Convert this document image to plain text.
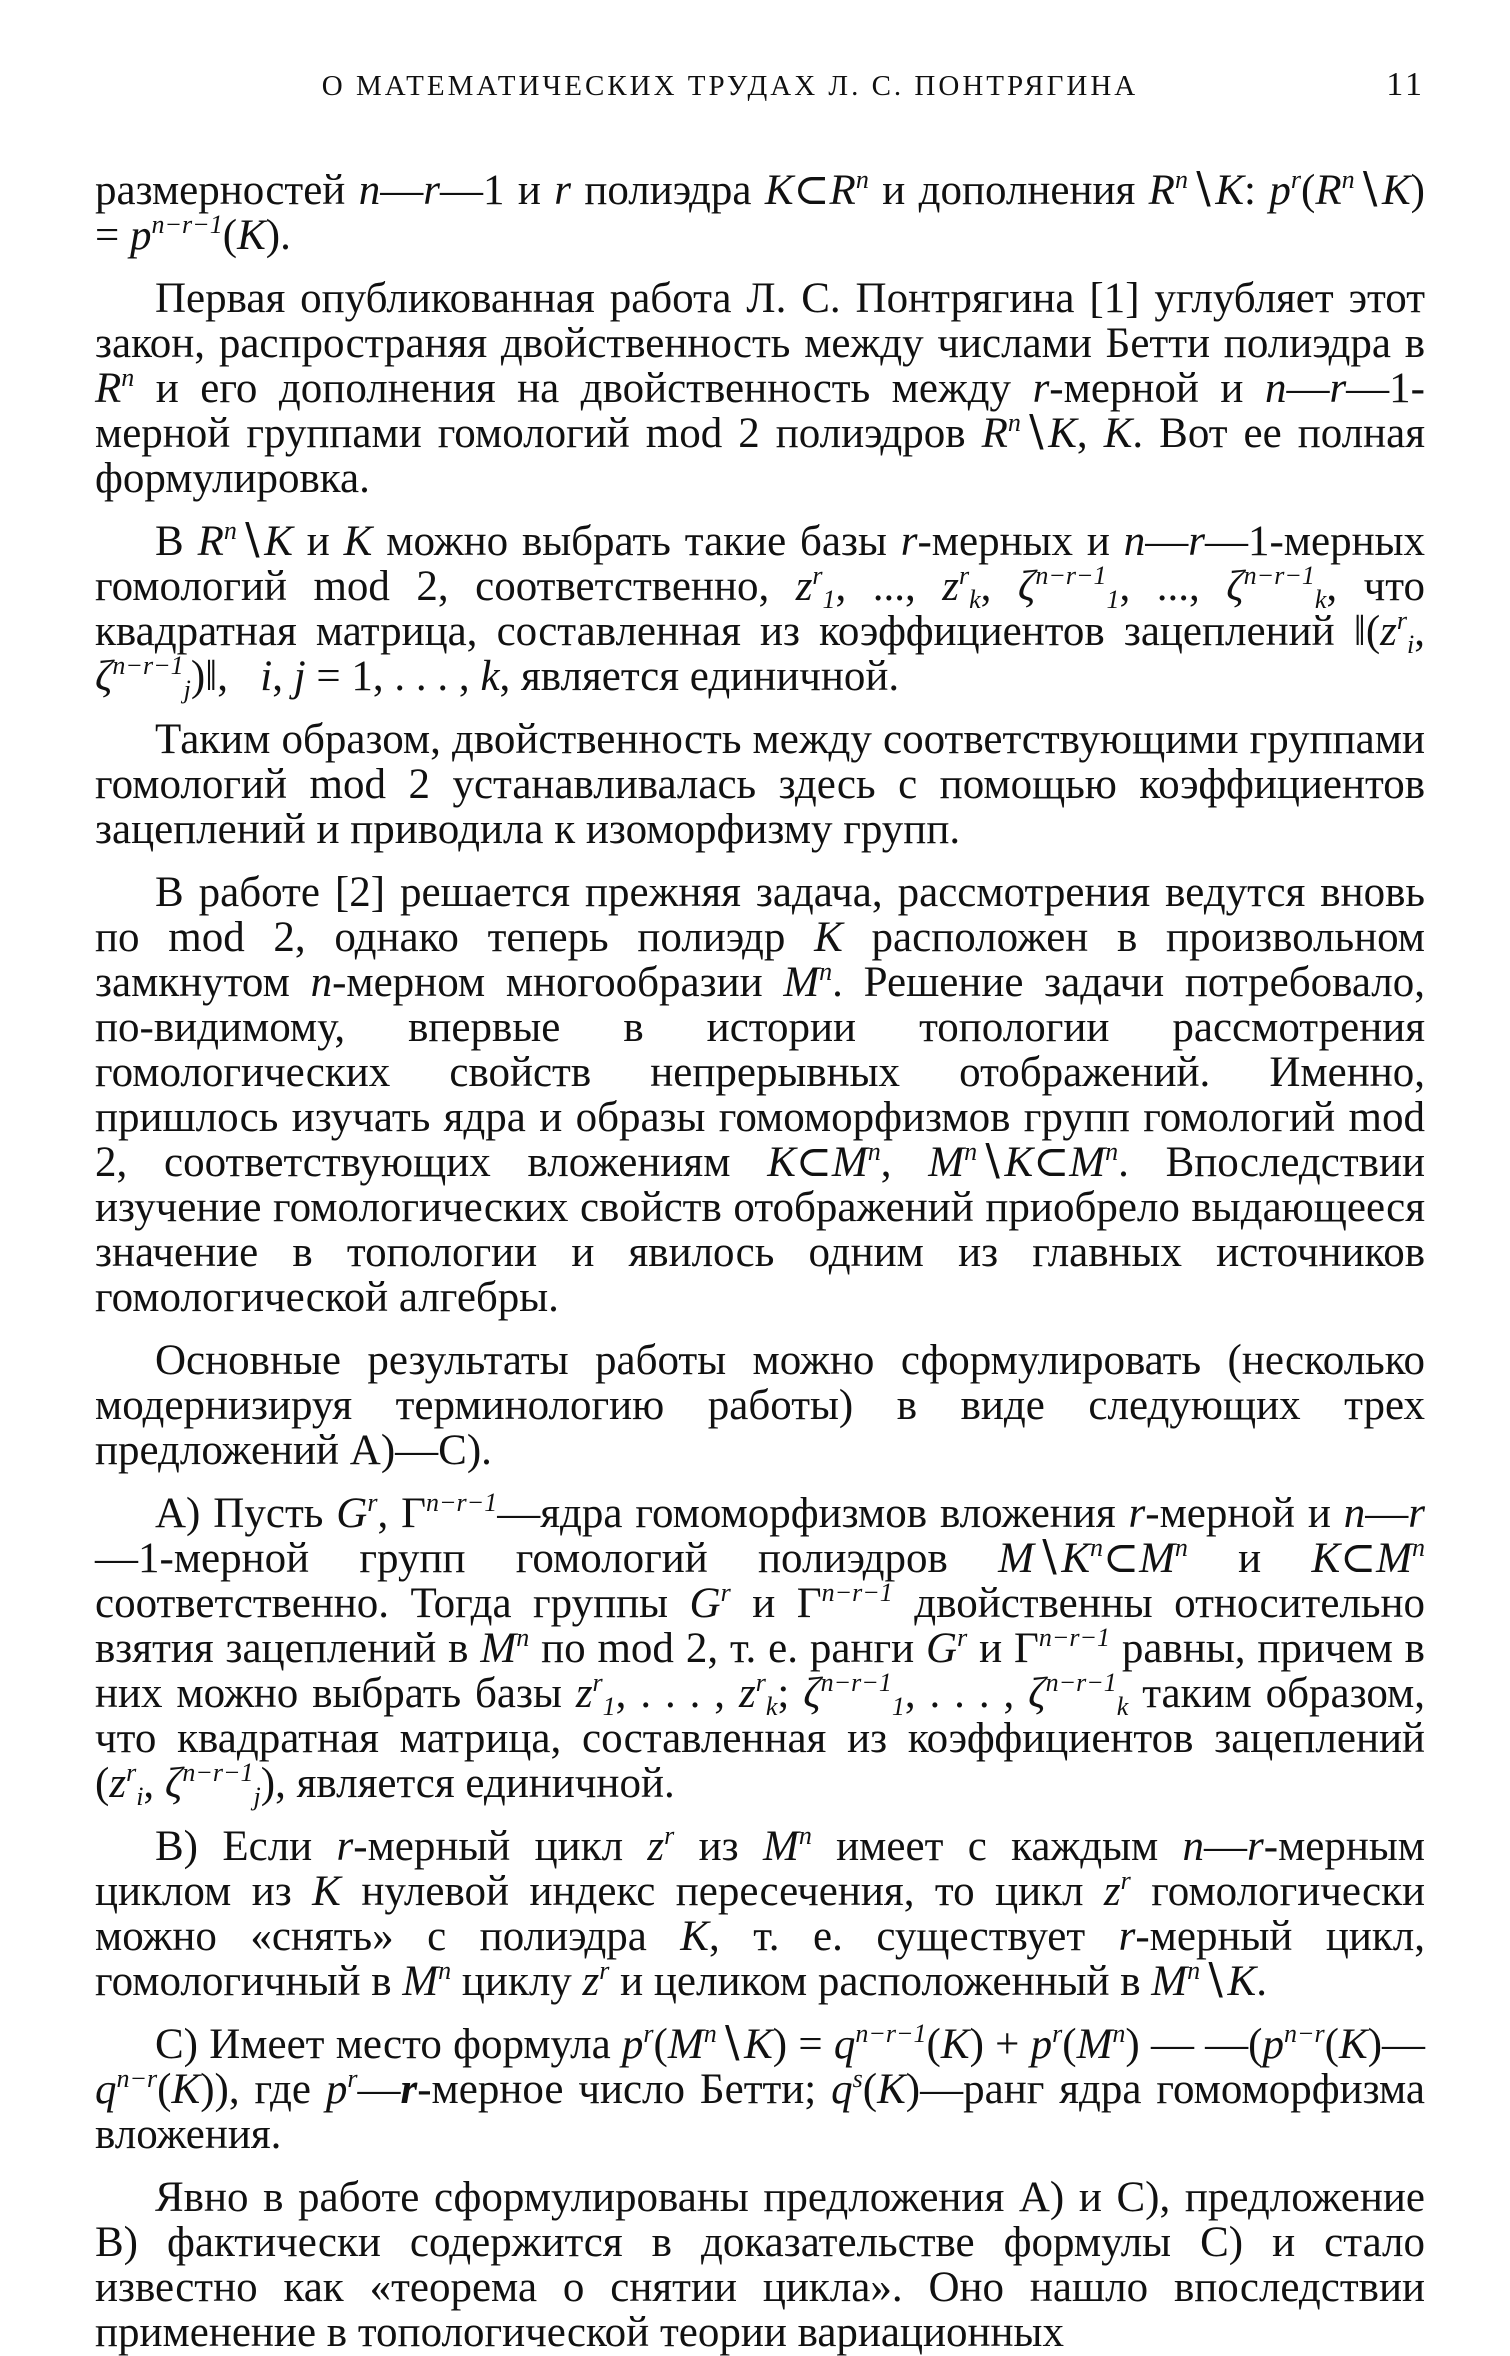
О МАТЕМАТИЧЕСКИХ ТРУДАХ Л. С. ПОНТРЯГИНА	11

размерностей n—r—1 и r полиэдра $K\subset R^n$ и дополнения $R^n∖K$: $p^r(R^n∖K) = p^{n-r-1}(K)$.

Первая опубликованная работа Л. С. Понтрягина [1] углубляет этот закон, распространяя двойственность между числами Бетти полиэдра в $R^n$ и его дополнения на двойственность между r-мерной и n—r—1-мерной группами гомологий mod 2 полиэдров $R^n∖K$, K. Вот ее полная формулировка.

В $R^n∖K$ и K можно выбрать такие базы r-мерных и n—r—1-мерных гомологий mod 2, соответственно, $z^r_1$, ..., $z^r_k$, $\zeta^{n-r-1}_1$, ..., $\zeta^{n-r-1}_k$, что квадратная матрица, составленная из коэффициентов зацеплений $‖(z^r_i$, $\zeta^{n-r-1}_j)‖$,   i, j = 1, . . . , k, является единичной.

Таким образом, двойственность между соответствующими группами гомологий mod 2 устанавливалась здесь с помощью коэффициентов зацеплений и приводила к изоморфизму групп.

В работе [2] решается прежняя задача, рассмотрения ведутся вновь по mod 2, однако теперь полиэдр K расположен в произвольном замкнутом n-мерном многообразии $M^n$. Решение задачи потребовало, по-видимому, впервые в истории топологии рассмотрения гомологических свойств непрерывных отображений. Именно, пришлось изучать ядра и образы гомоморфизмов групп гомологий mod 2, соответствующих вложениям $K\subset M^n$, $M^n∖K\subset M^n$. Впоследствии изучение гомологических свойств отображений приобрело выдающееся значение в топологии и явилось одним из главных источников гомологической алгебры.

Основные результаты работы можно сформулировать (несколько модернизируя терминологию работы) в виде следующих трех предложений A)—C).

A) Пусть $G^r$, $\Gamma^{n-r-1}—ядра$ гомоморфизмов вложения r-мерной и n—r—1-мерной групп гомологий полиэдров $M∖K^n\subset M^n$ и $K\subset M^n$ соответственно. Тогда группы $G^r$ и $\Gamma^{n-r-1}$ двойственны относительно взятия зацеплений в $M^n$ по mod 2, т. е. ранги $G^r$ и $\Gamma^{n-r-1}$ равны, причем в них можно выбрать базы $z^r_1$, . . . , $z^r_k$; $\zeta^{n-r-1}_1$, . . . , $\zeta^{n-r-1}_k$ таким образом, что квадратная матрица, составленная из коэффициентов зацеплений ($z^r_i$, $\zeta^{n-r-1}_j$), является единичной.

B) Если r-мерный цикл $z^r$ из $M^n$ имеет с каждым n—r-мерным циклом из K нулевой индекс пересечения, то цикл $z^r$ гомологически можно «снять» с полиэдра K, т. е. существует r-мерный цикл, гомологичный в $M^n$ циклу $z^r$ и целиком расположенный в $M^n∖K$.

C) Имеет место формула $p^r(M^n∖K) = q^{n-r-1}(K) + p^r(M^n)$ — $—(p^{n-r}(K)—q^{n-r}(K))$, где $p^r—r$-мерное число Бетти; $q^s(K)—ранг$ ядра гомоморфизма вложения.

Явно в работе сформулированы предложения A) и C), предложение B) фактически содержится в доказательстве формулы C) и стало известно как «теорема о снятии цикла». Оно нашло впоследствии применение в топологической теории вариационных
